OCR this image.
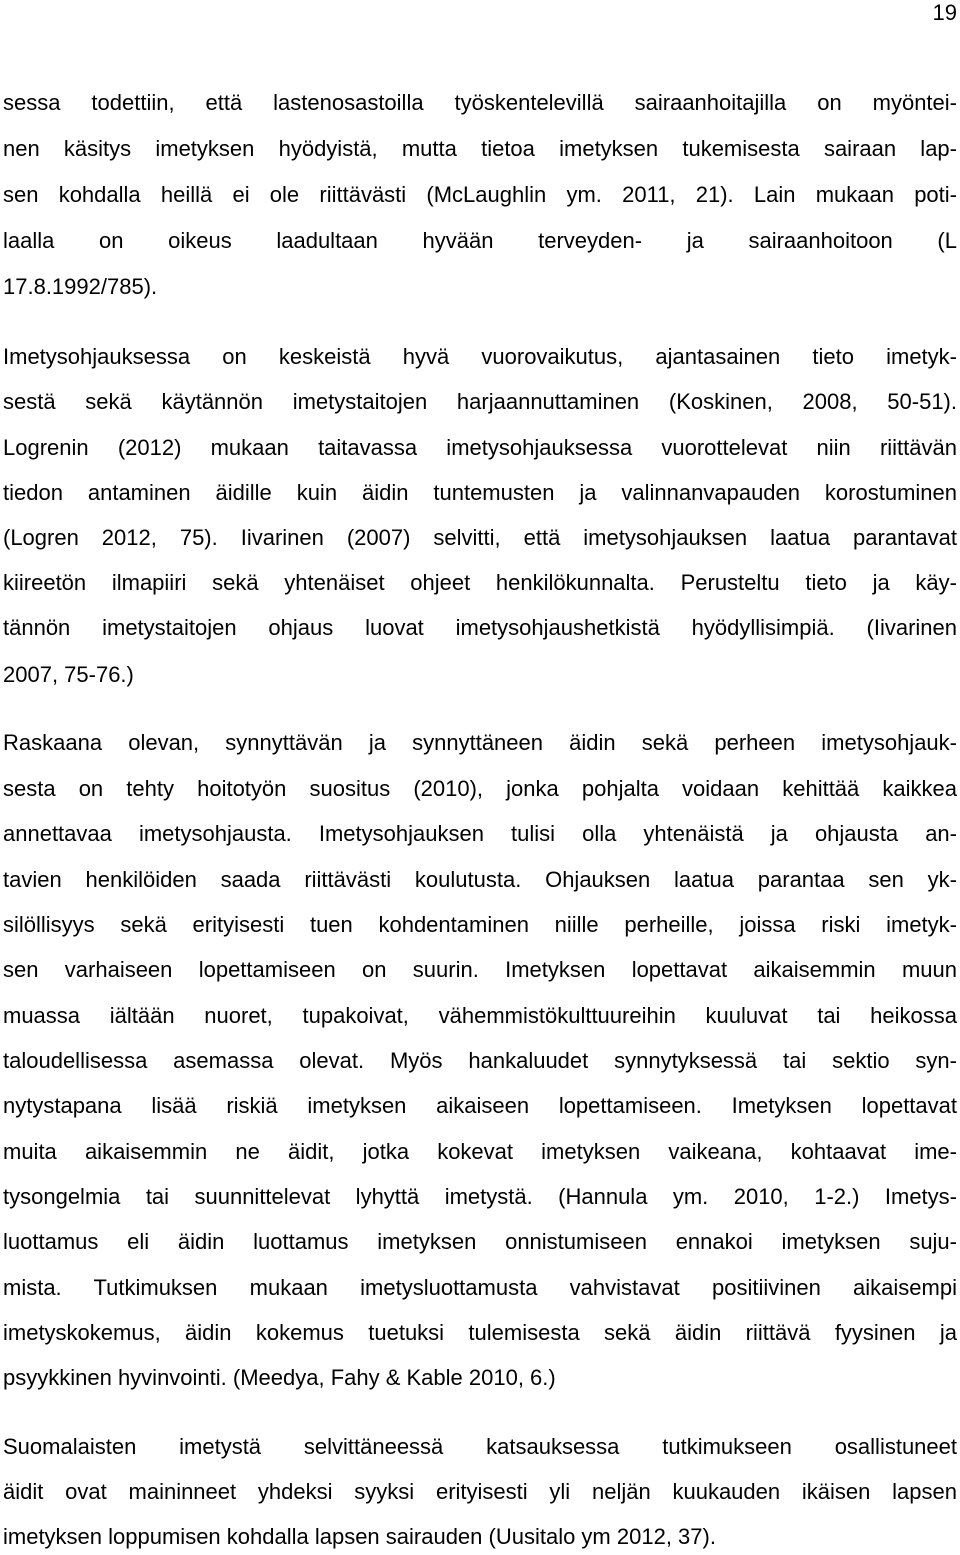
19
sessa todettiin, että lastenosastoilla työskentelevillä sairaanhoitajilla on myöntei-
nen käsitys imetyksen hyödyistä, mutta tietoa imetyksen tukemisesta sairaan lap-
sen kohdalla heillä ei ole riittävästi (McLaughlin ym. 2011, 21). Lain mukaan poti-
laalla on oikeus laadultaan hyvään terveyden- ja sairaanhoitoon (L
17.8.1992/785).
Imetysohjauksessa on keskeistä hyvä vuorovaikutus, ajantasainen tieto imetyk-
sestä sekä käytännön imetystaitojen harjaannuttaminen (Koskinen, 2008, 50-51).
Logrenin (2012) mukaan taitavassa imetysohjauksessa vuorottelevat niin riittävän
tiedon antaminen äidille kuin äidin tuntemusten ja valinnanvapauden korostuminen
(Logren 2012, 75). Iivarinen (2007) selvitti, että imetysohjauksen laatua parantavat
kiireetön ilmapiiri sekä yhtenäiset ohjeet henkilökunnalta. Perusteltu tieto ja käy-
tännön imetystaitojen ohjaus luovat imetysohjaushetkistä hyödyllisimpiä. (Iivarinen
2007, 75-76.)
Raskaana olevan, synnyttävän ja synnyttäneen äidin sekä perheen imetysohjauk-
sesta on tehty hoitotyön suositus (2010), jonka pohjalta voidaan kehittää kaikkea
annettavaa imetysohjausta. Imetysohjauksen tulisi olla yhtenäistä ja ohjausta an-
tavien henkilöiden saada riittävästi koulutusta. Ohjauksen laatua parantaa sen yk-
silöllisyys sekä erityisesti tuen kohdentaminen niille perheille, joissa riski imetyk-
sen varhaiseen lopettamiseen on suurin. Imetyksen lopettavat aikaisemmin muun
muassa iältään nuoret, tupakoivat, vähemmistökulttuureihin kuuluvat tai heikossa
taloudellisessa asemassa olevat. Myös hankaluudet synnytyksessä tai sektio syn-
nytystapana lisää riskiä imetyksen aikaiseen lopettamiseen. Imetyksen lopettavat
muita aikaisemmin ne äidit, jotka kokevat imetyksen vaikeana, kohtaavat ime-
tysongelmia tai suunnittelevat lyhyttä imetystä. (Hannula ym. 2010, 1-2.) Imetys-
luottamus eli äidin luottamus imetyksen onnistumiseen ennakoi imetyksen suju-
mista. Tutkimuksen mukaan imetysluottamusta vahvistavat positiivinen aikaisempi
imetyskokemus, äidin kokemus tuetuksi tulemisesta sekä äidin riittävä fyysinen ja
psyykkinen hyvinvointi. (Meedya, Fahy & Kable 2010, 6.)
Suomalaisten imetystä selvittäneessä katsauksessa tutkimukseen osallistuneet
äidit ovat maininneet yhdeksi syyksi erityisesti yli neljän kuukauden ikäisen lapsen
imetyksen loppumisen kohdalla lapsen sairauden (Uusitalo ym 2012, 37).
